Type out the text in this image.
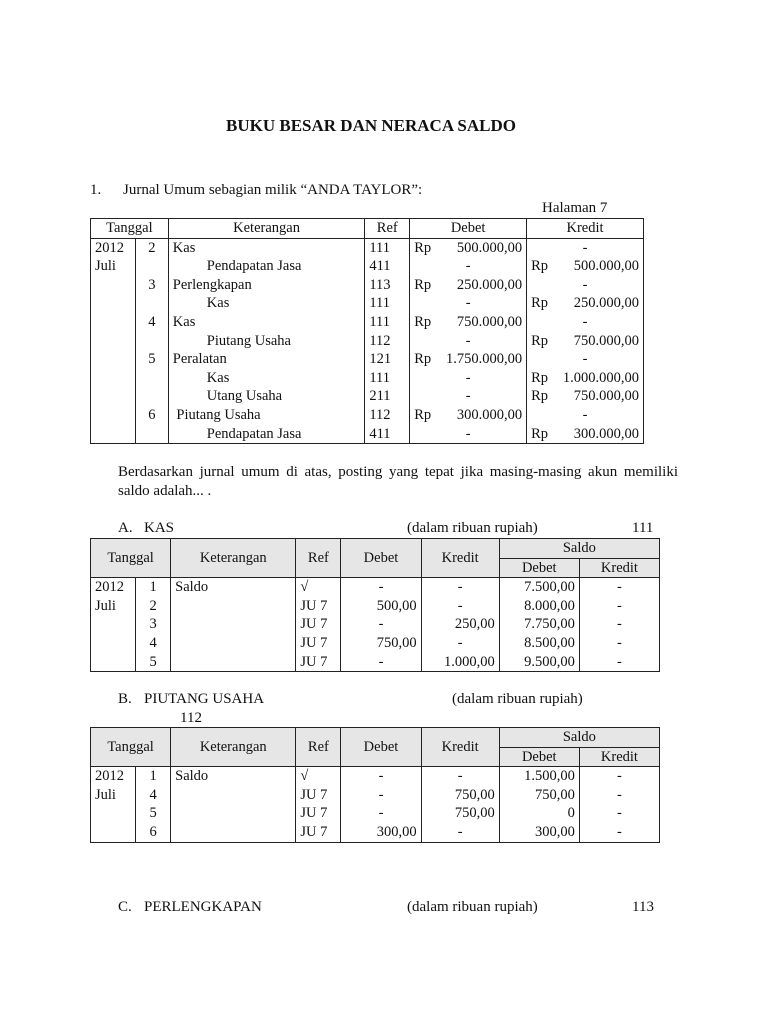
BUKU BESAR DAN NERACA SALDO
1. Jurnal Umum sebagian milik “ANDA TAYLOR”:
Halaman 7
Tanggal		Keterangan	Ref	Debet	Kredit
2012	2	Kas	111	Rp 500.000,00	-
Juli		Pendapatan Jasa	411	-	Rp 500.000,00

	3	Perlengkapan	113	Rp 250.000,00	-
		Kas	111	-	Rp 250.000,00

	4	Kas	111	Rp 750.000,00	-
		Piutang Usaha	112	-	Rp 750.000,00

	5	Peralatan	121	Rp 1.750.000,00	-
		Kas	111	-	Rp 1.000.000,00

		Utang Usaha	211	-	Rp 750.000,00

	6	Piutang Usaha	112	Rp 300.000,00	-
		Pendapatan Jasa	411	-	Rp 300.000,00
Berdasarkan jurnal umum di atas, posting yang tepat jika masing-masing akun memiliki saldo adalah... .
A. KAS	(dalam ribuan rupiah)	111
Tanggal		Keterangan	Ref	Debet	Kredit	Saldo	
						Debet	Kredit
2012	1	Saldo	√	-	-	7.500,00	-
Juli	2		JU 7	500,00	-	8.000,00	-
	3		JU 7	-	250,00	7.750,00	-
	4		JU 7	750,00	-	8.500,00	-
	5		JU 7	-	1.000,00	9.500,00	-
B. PIUTANG USAHA	(dalam ribuan rupiah)
112
Tanggal		Keterangan	Ref	Debet	Kredit	Saldo	
						Debet	Kredit
2012	1	Saldo	√	-	-	1.500,00	-
Juli	4		JU 7	-	750,00	750,00	-
	5		JU 7	-	750,00	0	-
	6		JU 7	300,00	-	300,00	-
C. PERLENGKAPAN	(dalam ribuan rupiah)	113
